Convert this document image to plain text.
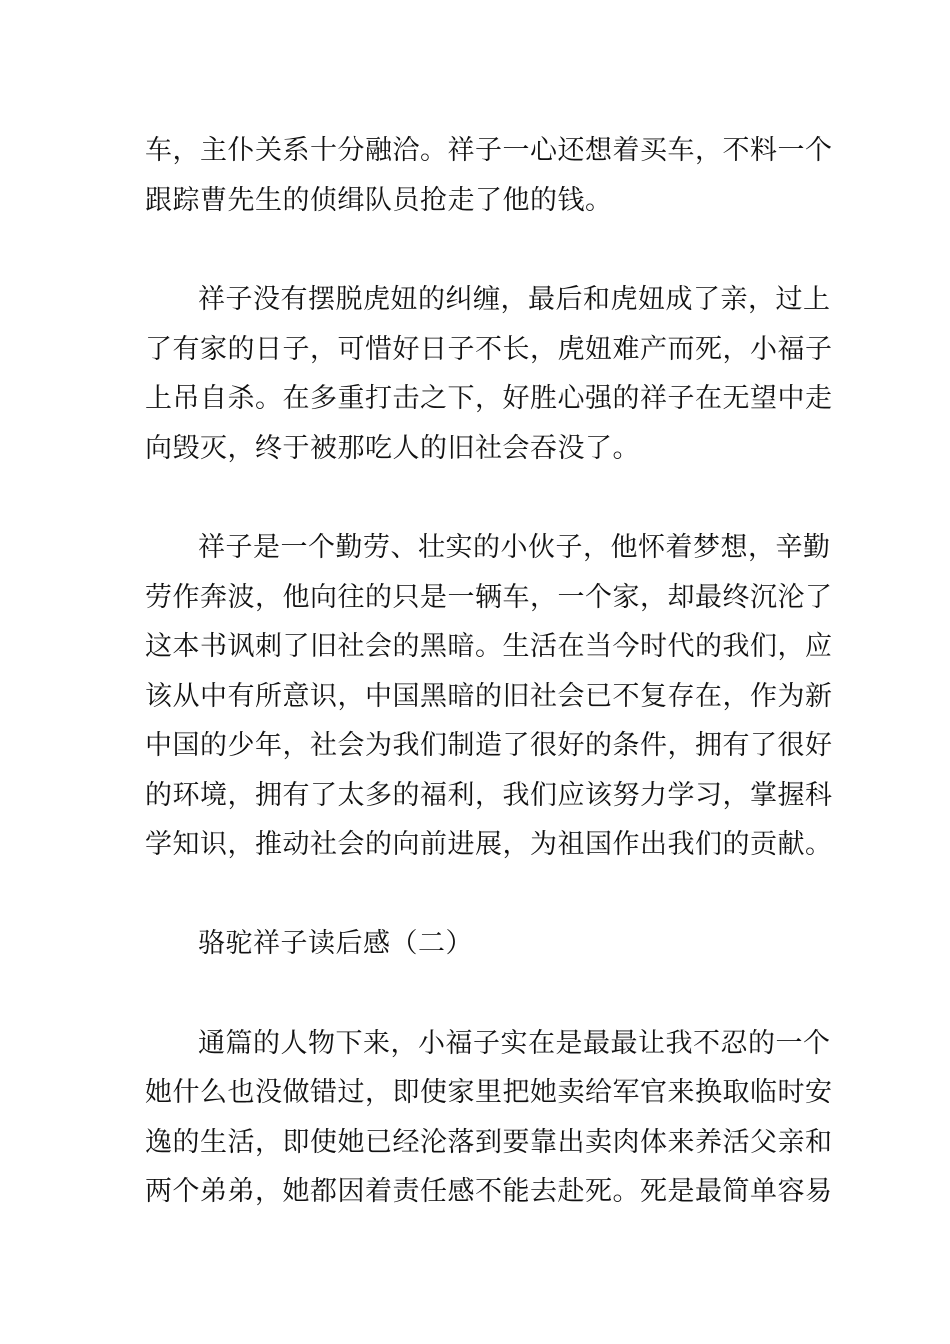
车，主仆关系十分融洽。祥子一心还想着买车，不料一个

跟踪曹先生的侦缉队员抢走了他的钱。

祥子没有摆脱虎妞的纠缠，最后和虎妞成了亲，过上

了有家的日子，可惜好日子不长，虎妞难产而死，小福子

上吊自杀。在多重打击之下，好胜心强的祥子在无望中走

向毁灭，终于被那吃人的旧社会吞没了。

祥子是一个勤劳、壮实的小伙子，他怀着梦想，辛勤

劳作奔波，他向往的只是一辆车，一个家，却最终沉沦了

这本书讽刺了旧社会的黑暗。生活在当今时代的我们，应

该从中有所意识，中国黑暗的旧社会已不复存在，作为新

中国的少年，社会为我们制造了很好的条件，拥有了很好

的环境，拥有了太多的福利，我们应该努力学习，掌握科

学知识，推动社会的向前进展，为祖国作出我们的贡献。

骆驼祥子读后感（二）

通篇的人物下来，小福子实在是最最让我不忍的一个

她什么也没做错过，即使家里把她卖给军官来换取临时安

逸的生活，即使她已经沦落到要靠出卖肉体来养活父亲和

两个弟弟，她都因着责任感不能去赴死。死是最简单容易
